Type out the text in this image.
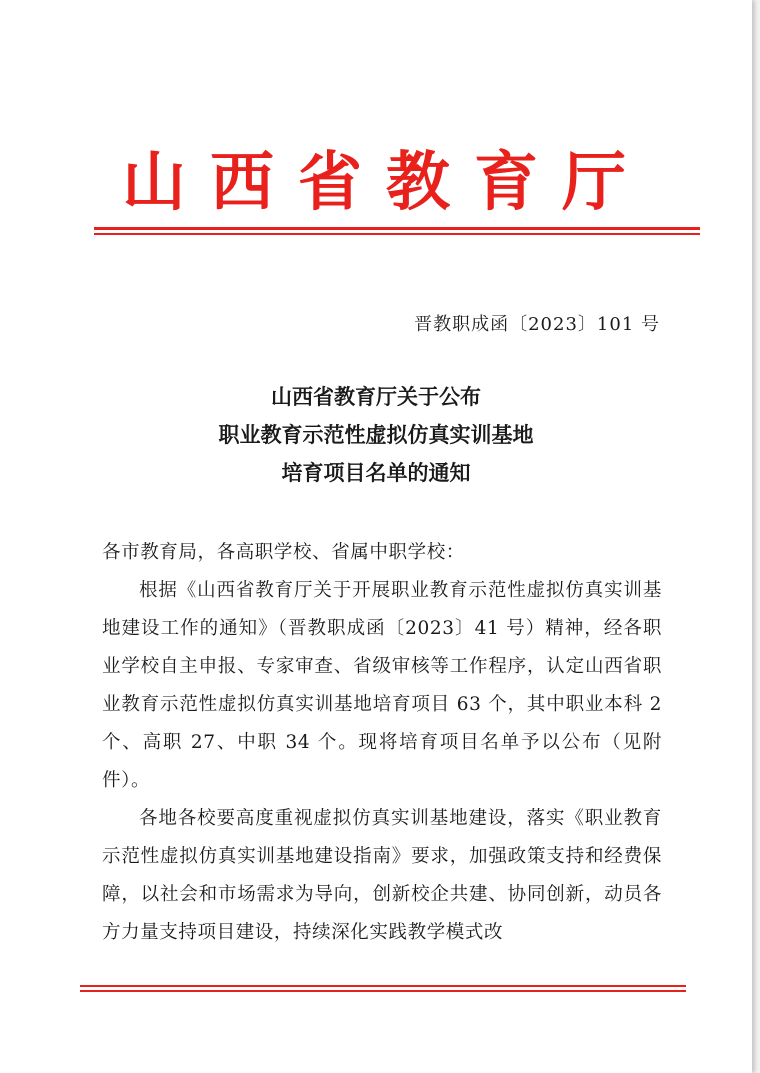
山西省教育厅
晋教职成函〔2023〕101 号
山西省教育厅关于公布
职业教育示范性虚拟仿真实训基地
培育项目名单的通知

各市教育局，各高职学校、省属中职学校：

根据《山西省教育厅关于开展职业教育示范性虚拟仿真实训基地建设工作的通知》（晋教职成函〔2023〕41 号）精神，经各职业学校自主申报、专家审查、省级审核等工作程序，认定山西省职业教育示范性虚拟仿真实训基地培育项目 63 个，其中职业本科 2 个、高职 27、中职 34 个。现将培育项目名单予以公布（见附件）。

各地各校要高度重视虚拟仿真实训基地建设，落实《职业教育示范性虚拟仿真实训基地建设指南》要求，加强政策支持和经费保障，以社会和市场需求为导向，创新校企共建、协同创新，动员各方力量支持项目建设，持续深化实践教学模式改
